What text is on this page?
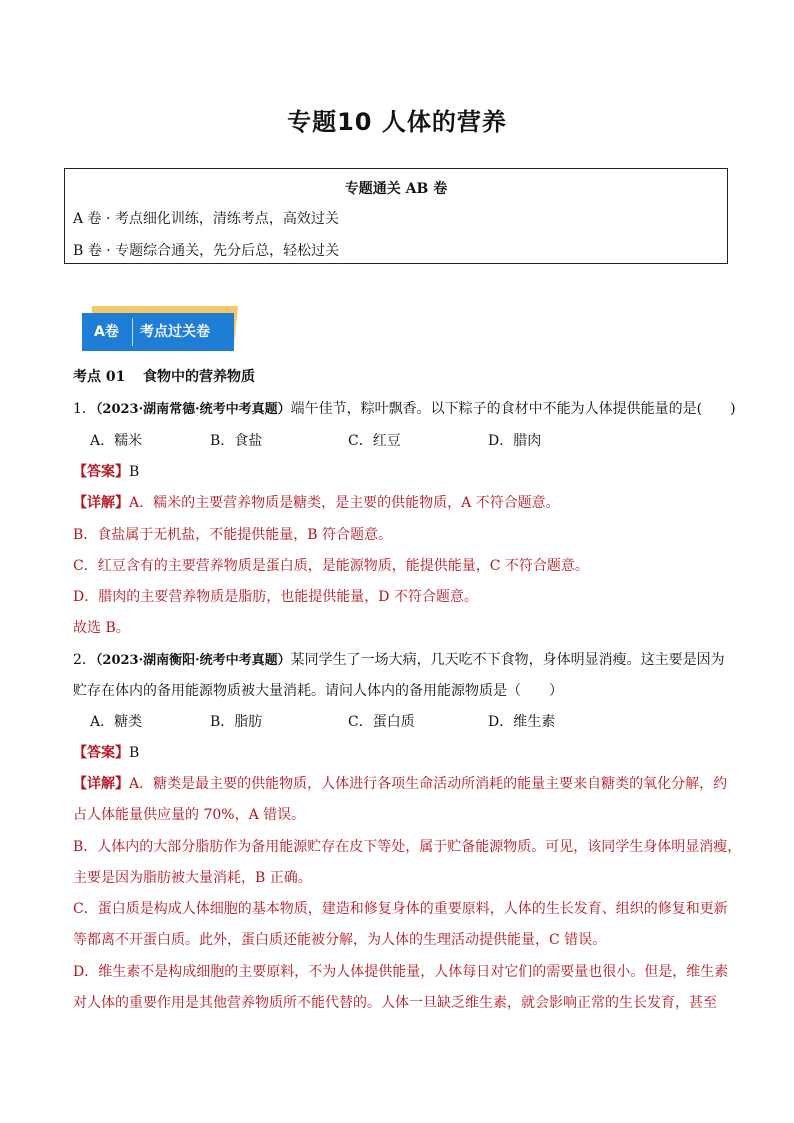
专题10 人体的营养
专题通关 AB 卷
A 卷 · 考点细化训练，清练考点，高效过关
B 卷 · 专题综合通关，先分后总，轻松过关
A卷 考点过关卷
考点 01 食物中的营养物质
1．（2023·湖南常德·统考中考真题）端午佳节，粽叶飘香。以下粽子的食材中不能为人体提供能量的是(　　)
A．糯米	B．食盐	C．红豆	D．腊肉
【答案】B
【详解】A．糯米的主要营养物质是糖类，是主要的供能物质，A 不符合题意。
B．食盐属于无机盐，不能提供能量，B 符合题意。
C．红豆含有的主要营养物质是蛋白质，是能源物质，能提供能量，C 不符合题意。
D．腊肉的主要营养物质是脂肪，也能提供能量，D 不符合题意。
故选 B。
2．（2023·湖南衡阳·统考中考真题）某同学生了一场大病，几天吃不下食物，身体明显消瘦。这主要是因为
贮存在体内的备用能源物质被大量消耗。请问人体内的备用能源物质是（　　）
A．糖类	B．脂肪	C．蛋白质	D．维生素
【答案】B
【详解】A．糖类是最主要的供能物质，人体进行各项生命活动所消耗的能量主要来自糖类的氧化分解，约
占人体能量供应量的 70%，A 错误。
B．人体内的大部分脂肪作为备用能源贮存在皮下等处，属于贮备能源物质。可见，该同学生身体明显消瘦，
主要是因为脂肪被大量消耗，B 正确。
C．蛋白质是构成人体细胞的基本物质，建造和修复身体的重要原料，人体的生长发育、组织的修复和更新
等都离不开蛋白质。此外，蛋白质还能被分解，为人体的生理活动提供能量，C 错误。
D．维生素不是构成细胞的主要原料，不为人体提供能量，人体每日对它们的需要量也很小。但是，维生素
对人体的重要作用是其他营养物质所不能代替的。人体一旦缺乏维生素，就会影响正常的生长发育，甚至
